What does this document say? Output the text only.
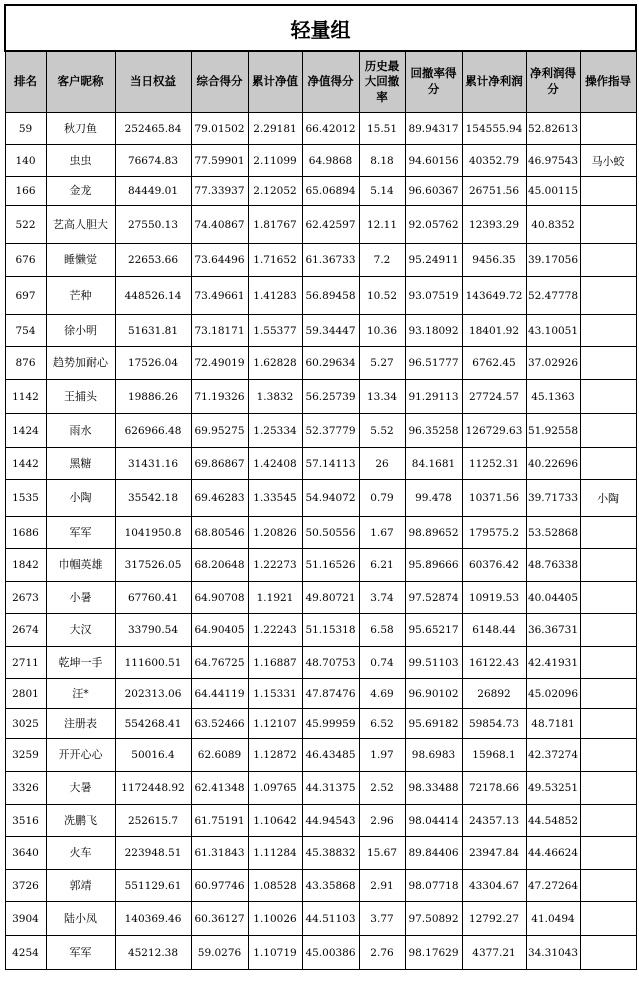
轻量组										
排名	客户昵称	当日权益	综合得分	累计净值	净值得分	历史最大回撤率	回撤率得分	累计净利润	净利润得分	操作指导
59	秋刀鱼	252465.84	79.01502	2.29181	66.42012	15.51	89.94317	154555.94	52.82613	
140	虫虫	76674.83	77.59901	2.11099	64.9868	8.18	94.60156	40352.79	46.97543	马小蛟
166	金龙	84449.01	77.33937	2.12052	65.06894	5.14	96.60367	26751.56	45.00115	
522	艺高人胆大	27550.13	74.40867	1.81767	62.42597	12.11	92.05762	12393.29	40.8352	
676	睡懒觉	22653.66	73.64496	1.71652	61.36733	7.2	95.24911	9456.35	39.17056	
697	芒种	448526.14	73.49661	1.41283	56.89458	10.52	93.07519	143649.72	52.47778	
754	徐小明	51631.81	73.18171	1.55377	59.34447	10.36	93.18092	18401.92	43.10051	
876	趋势加耐心	17526.04	72.49019	1.62828	60.29634	5.27	96.51777	6762.45	37.02926	
1142	王捕头	19886.26	71.19326	1.3832	56.25739	13.34	91.29113	27724.57	45.1363	
1424	雨水	626966.48	69.95275	1.25334	52.37779	5.52	96.35258	126729.63	51.92558	
1442	黑糖	31431.16	69.86867	1.42408	57.14113	26	84.1681	11252.31	40.22696	
1535	小陶	35542.18	69.46283	1.33545	54.94072	0.79	99.478	10371.56	39.71733	小陶
1686	军军	1041950.8	68.80546	1.20826	50.50556	1.67	98.89652	179575.2	53.52868	
1842	巾帼英雄	317526.05	68.20648	1.22273	51.16526	6.21	95.89666	60376.42	48.76338	
2673	小暑	67760.41	64.90708	1.1921	49.80721	3.74	97.52874	10919.53	40.04405	
2674	大汉	33790.54	64.90405	1.22243	51.15318	6.58	95.65217	6148.44	36.36731	
2711	乾坤一手	111600.51	64.76725	1.16887	48.70753	0.74	99.51103	16122.43	42.41931	
2801	汪*	202313.06	64.44119	1.15331	47.87476	4.69	96.90102	26892	45.02096	
3025	注册表	554268.41	63.52466	1.12107	45.99959	6.52	95.69182	59854.73	48.7181	
3259	开开心心	50016.4	62.6089	1.12872	46.43485	1.97	98.6983	15968.1	42.37274	
3326	大暑	1172448.92	62.41348	1.09765	44.31375	2.52	98.33488	72178.66	49.53251	
3516	冼鹏飞	252615.7	61.75191	1.10642	44.94543	2.96	98.04414	24357.13	44.54852	
3640	火车	223948.51	61.31843	1.11284	45.38832	15.67	89.84406	23947.84	44.46624	
3726	郭靖	551129.61	60.97746	1.08528	43.35868	2.91	98.07718	43304.67	47.27264	
3904	陆小凤	140369.46	60.36127	1.10026	44.51103	3.77	97.50892	12792.27	41.0494	
4254	军军	45212.38	59.0276	1.10719	45.00386	2.76	98.17629	4377.21	34.31043	
